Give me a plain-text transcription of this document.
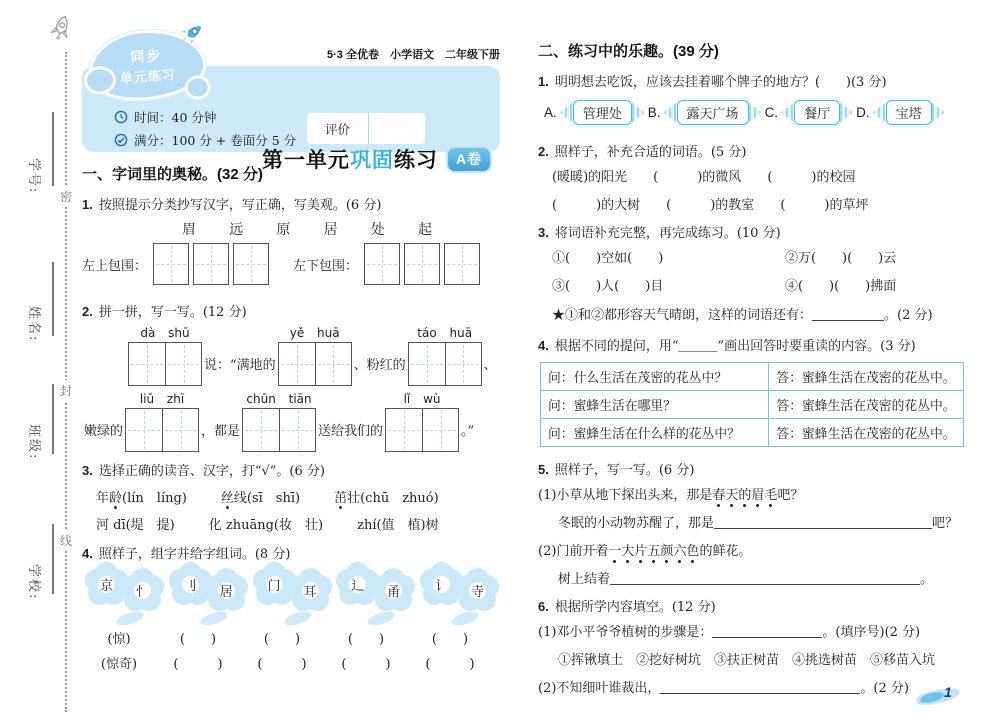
学号:
姓名:
班级:
学校:
密
封
线
5·3 全优卷　小学语文　二年级下册
第一单元巩固练习 A卷
同步
单元练习
时间：40 分钟
满分：100 分 + 卷面分 5 分
评价
一、字词里的奥秘。(32 分)
1. 按照提示分类抄写汉字，写正确，写美观。(6 分)
眉 远 原 居 处 起
左上包围：	左下包围：
2. 拼一拼，写一写。(12 分)
dà shū
说：“满地的
yě huā
、粉红的
táo huā
、
嫩绿的
liǔ zhī
，都是
chūn tiān
送给我们的
lǐ wù
。”
3. 选择正确的读音、汉字，打“√”。(6 分)
年龄(lín　líng)	丝线(sī　shī)	茁壮(chū　zhuó)
河 dī(堤　提)	化 zhuāng(妆　壮)	zhí(值　植)树
4. 照样子，组字并给字组词。(8 分)
京 忄	刂 居	门 耳	辶 甬	讠 寺
(惊)	(　　)	(　　)	(　　)	(　　)
(惊奇)	(　　　)	(　　　)	(　　　)	(　　　)
二、练习中的乐趣。(39 分)
1. 明明想去吃饭，应该去挂着哪个牌子的地方？(　　)(3 分)
A.	管理处	B.	露天广场	C.	餐厅	D.	宝塔
2. 照样子，补充合适的词语。(5 分)
(暖暖)的阳光 (　　　)的微风 (　　　)的校园
(　　　)的大树 (　　　)的教室 (　　　)的草坪
3. 将词语补充完整，再完成练习。(10 分)
①(　　)空如(　　)	②万(　　)(　　)云
③(　　)人(　　)目	④(　　)(　　)拂面
★①和②都形容天气晴朗，这样的词语还有：	。(2 分)
4. 根据不同的提问，用“＿＿＿”画出回答时要重读的内容。(3 分)
问：什么生活在茂密的花丛中？	答：蜜蜂生活在茂密的花丛中。
问：蜜蜂生活在哪里？	答：蜜蜂生活在茂密的花丛中。
问：蜜蜂生活在什么样的花丛中？	答：蜜蜂生活在茂密的花丛中。
5. 照样子，写一写。(6 分)
(1)小草从地下探出头来，那是春天的眉毛吧？
冬眠的小动物苏醒了，那是	吧？
(2)门前开着一大片五颜六色的鲜花。
树上结着	。
6. 根据所学内容填空。(12 分)
(1)邓小平爷爷植树的步骤是：	。(填序号)(2 分)
①挥锹填土　②挖好树坑　③扶正树苗　④挑选树苗　⑤移苗入坑
(2)不知细叶谁裁出，	。(2 分)	1
